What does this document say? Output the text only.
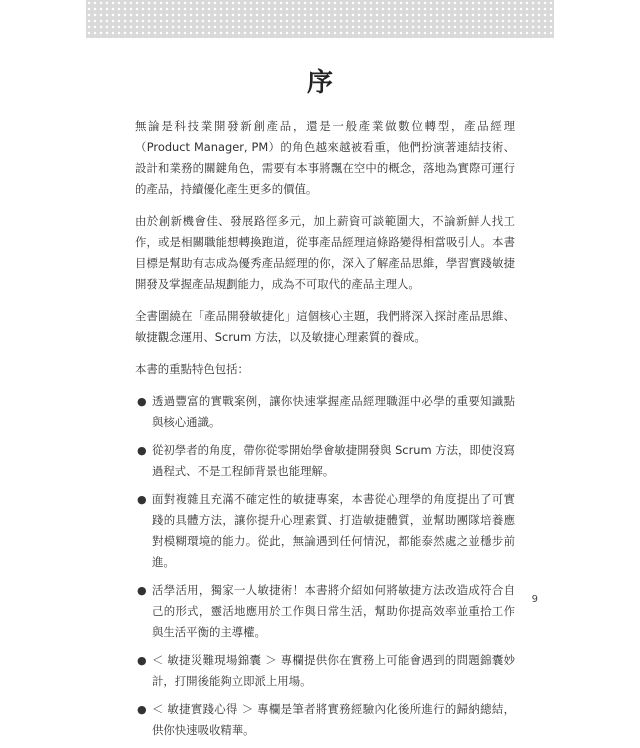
序

無論是科技業開發新創產品，還是一般產業做數位轉型，產品經理（Product Manager, PM）的角色越來越被看重，他們扮演著連結技術、設計和業務的關鍵角色，需要有本事將飄在空中的概念，落地為實際可運行的產品，持續優化產生更多的價值。

由於創新機會佳、發展路徑多元，加上薪資可談範圍大，不論新鮮人找工作，或是相關職能想轉換跑道，從事產品經理這條路變得相當吸引人。本書目標是幫助有志成為優秀產品經理的你，深入了解產品思維，學習實踐敏捷開發及掌握產品規劃能力，成為不可取代的產品主理人。

全書圍繞在「產品開發敏捷化」這個核心主題，我們將深入探討產品思維、敏捷觀念運用、Scrum 方法，以及敏捷心理素質的養成。

本書的重點特色包括：

● 透過豐富的實戰案例，讓你快速掌握產品經理職涯中必學的重要知識點與核心通識。
● 從初學者的角度，帶你從零開始學會敏捷開發與 Scrum 方法，即使沒寫過程式、不是工程師背景也能理解。
● 面對複雜且充滿不確定性的敏捷專案，本書從心理學的角度提出了可實踐的具體方法，讓你提升心理素質、打造敏捷體質，並幫助團隊培養應對模糊環境的能力。從此，無論遇到任何情況，都能泰然處之並穩步前進。
● 活學活用，獨家一人敏捷術！本書將介紹如何將敏捷方法改造成符合自己的形式，靈活地應用於工作與日常生活，幫助你提高效率並重拾工作與生活平衡的主導權。
● ＜ 敏捷災難現場錦囊 ＞ 專欄提供你在實務上可能會遇到的問題錦囊妙計，打開後能夠立即派上用場。
● ＜ 敏捷實踐心得 ＞ 專欄是筆者將實務經驗內化後所進行的歸納總結，供你快速吸收精華。
9
